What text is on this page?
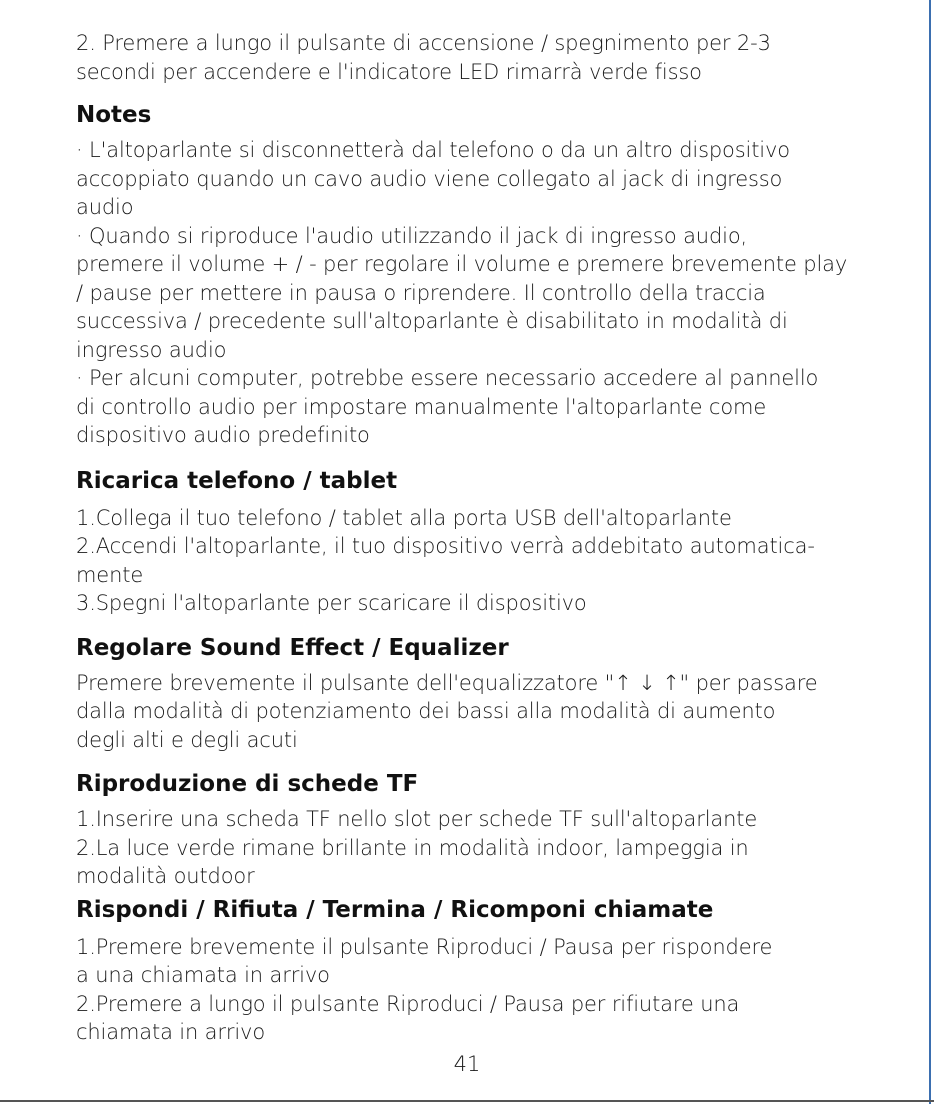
2. Premere a lungo il pulsante di accensione / spegnimento per 2-3
secondi per accendere e l'indicatore LED rimarrà verde fisso
Notes
· L'altoparlante si disconnetterà dal telefono o da un altro dispositivo
accoppiato quando un cavo audio viene collegato al jack di ingresso
audio
· Quando si riproduce l'audio utilizzando il jack di ingresso audio,
premere il volume + / - per regolare il volume e premere brevemente play
/ pause per mettere in pausa o riprendere. Il controllo della traccia
successiva / precedente sull'altoparlante è disabilitato in modalità di
ingresso audio
· Per alcuni computer, potrebbe essere necessario accedere al pannello
di controllo audio per impostare manualmente l'altoparlante come
dispositivo audio predefinito
Ricarica telefono / tablet
1.Collega il tuo telefono / tablet alla porta USB dell'altoparlante
2.Accendi l'altoparlante, il tuo dispositivo verrà addebitato automatica-
mente
3.Spegni l'altoparlante per scaricare il dispositivo
Regolare Sound Effect / Equalizer
Premere brevemente il pulsante dell'equalizzatore "↑ ↓ ↑" per passare
dalla modalità di potenziamento dei bassi alla modalità di aumento
degli alti e degli acuti
Riproduzione di schede TF
1.Inserire una scheda TF nello slot per schede TF sull'altoparlante
2.La luce verde rimane brillante in modalità indoor, lampeggia in
modalità outdoor
Rispondi / Rifiuta / Termina / Ricomponi chiamate
1.Premere brevemente il pulsante Riproduci / Pausa per rispondere
a una chiamata in arrivo
2.Premere a lungo il pulsante Riproduci / Pausa per rifiutare una
chiamata in arrivo
41
